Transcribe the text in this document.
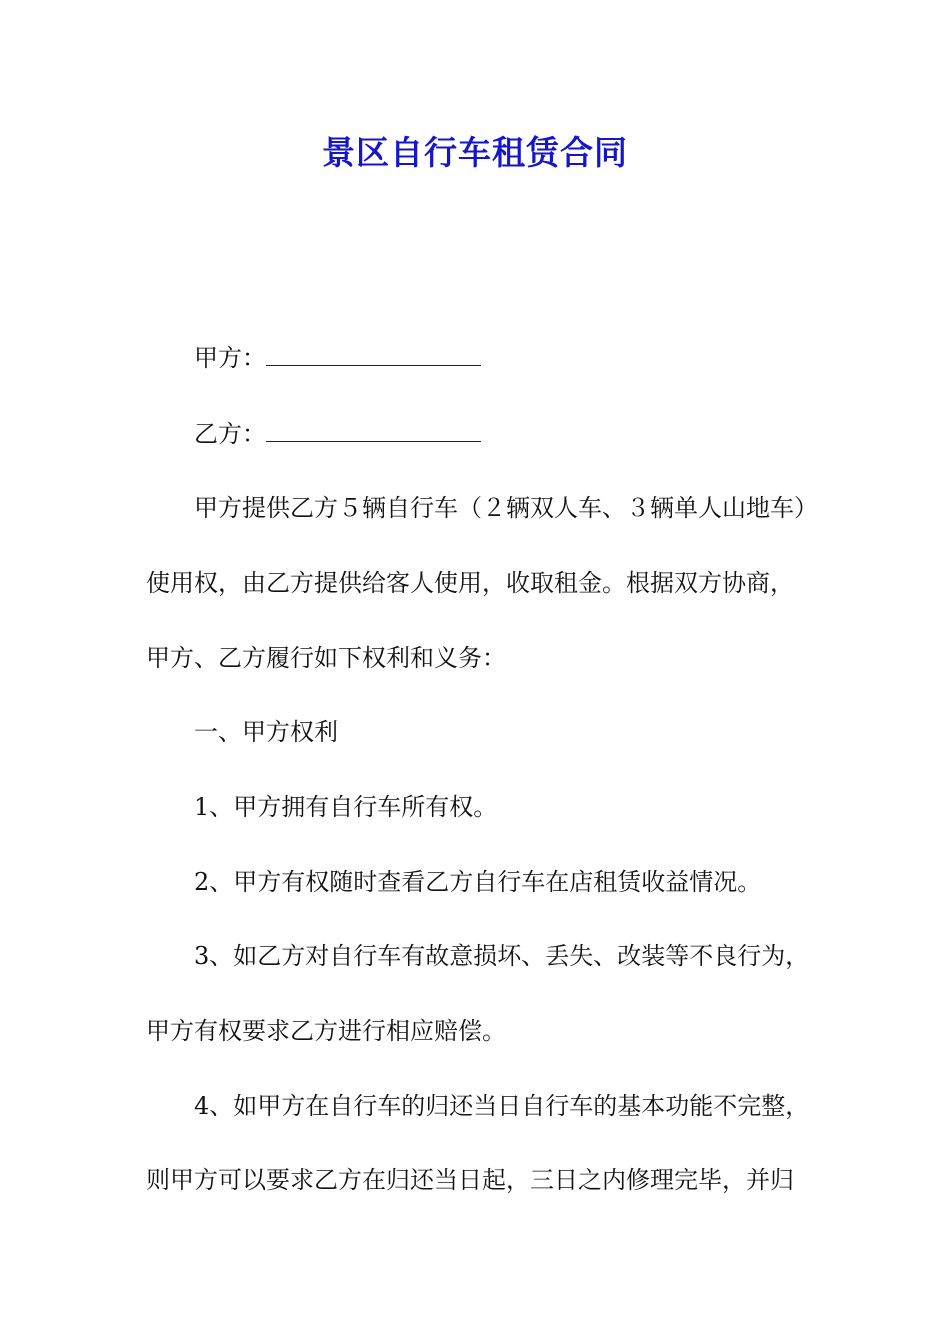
景区自行车租赁合同
甲方：
乙方：
甲方提供乙方５辆自行车（２辆双人车、３辆单人山地车）
使用权，由乙方提供给客人使用，收取租金。根据双方协商，
甲方、乙方履行如下权利和义务：
一、甲方权利
1、甲方拥有自行车所有权。
2、甲方有权随时查看乙方自行车在店租赁收益情况。
3、如乙方对自行车有故意损坏、丢失、改装等不良行为，
甲方有权要求乙方进行相应赔偿。
4、如甲方在自行车的归还当日自行车的基本功能不完整，
则甲方可以要求乙方在归还当日起，三日之内修理完毕，并归
